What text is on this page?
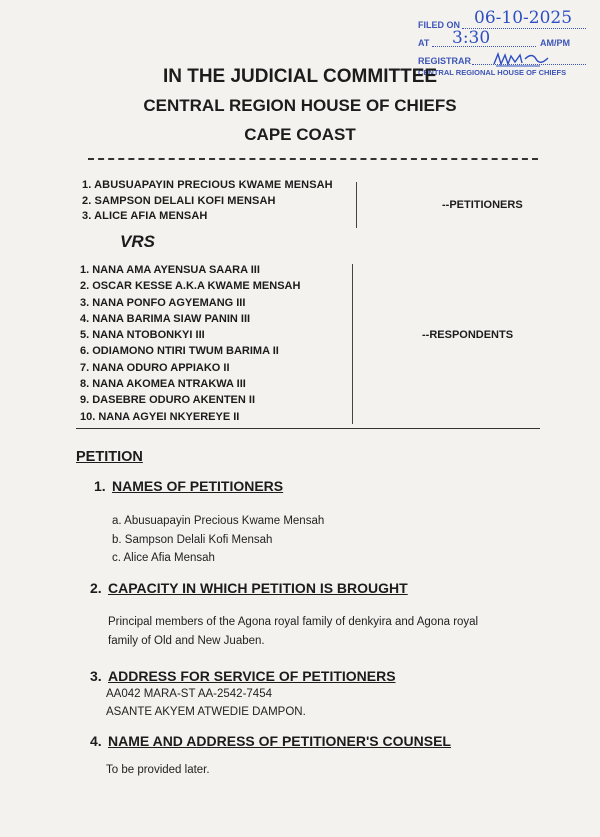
FILED ON 06-10-2025
AT 3:30	AM/PM
REGISTRAR
CENTRAL REGIONAL HOUSE OF CHIEFS
IN THE JUDICIAL COMMITTEE
CENTRAL REGION HOUSE OF CHIEFS
CAPE COAST
1. ABUSUAPAYIN PRECIOUS KWAME MENSAH
2. SAMPSON DELALI KOFI MENSAH
3. ALICE AFIA MENSAH
--PETITIONERS
VRS
1. NANA AMA AYENSUA SAARA III
2. OSCAR KESSE A.K.A KWAME MENSAH
3. NANA PONFO AGYEMANG III
4. NANA BARIMA SIAW PANIN III
5. NANA NTOBONKYI III
6. ODIAMONO NTIRI TWUM BARIMA II
7. NANA ODURO APPIAKO II
8. NANA AKOMEA NTRAKWA III
9. DASEBRE ODURO AKENTEN II
10. NANA AGYEI NKYEREYE II
--RESPONDENTS
PETITION
1. NAMES OF PETITIONERS
a. Abusuapayin Precious Kwame Mensah
b. Sampson Delali Kofi Mensah
c. Alice Afia Mensah
2. CAPACITY IN WHICH PETITION IS BROUGHT
Principal members of the Agona royal family of denkyira and Agona royal
family of Old and New Juaben.
3. ADDRESS FOR SERVICE OF PETITIONERS
AA042 MARA-ST AA-2542-7454
ASANTE AKYEM ATWEDIE DAMPON.
4. NAME AND ADDRESS OF PETITIONER'S COUNSEL
To be provided later.
